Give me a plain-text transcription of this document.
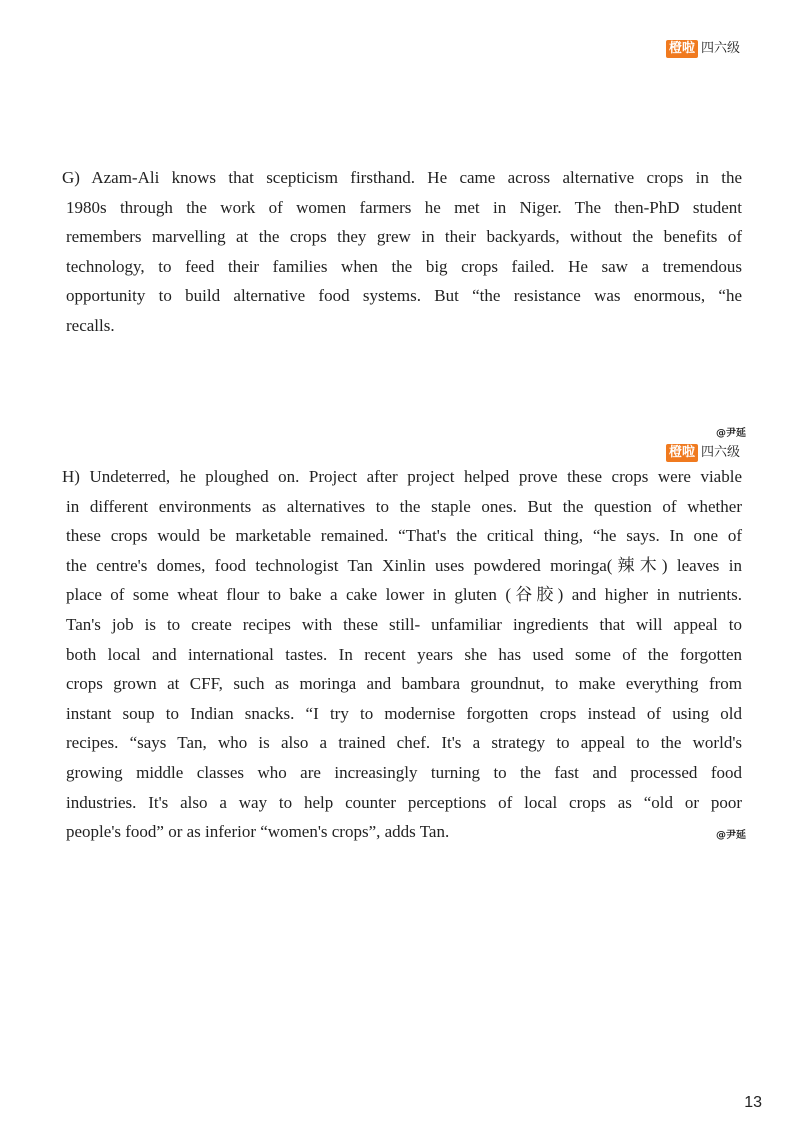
橙啦 四六级
G) Azam-Ali knows that scepticism firsthand. He came across alternative crops in the
1980s through the work of women farmers he met in Niger. The then-PhD student
remembers marvelling at the crops they grew in their backyards, without the benefits of
technology, to feed their families when the big crops failed. He saw a tremendous
opportunity to build alternative food systems. But “the resistance was enormous, “he
recalls.
@尹延
橙啦 四六级
H) Undeterred, he ploughed on. Project after project helped prove these crops were viable
in different environments as alternatives to the staple ones. But the question of whether
these crops would be marketable remained. “That's the critical thing, “he says. In one of
the centre's domes, food technologist Tan Xinlin uses powdered moringa(辣木) leaves in
place of some wheat flour to bake a cake lower in gluten (谷胶) and higher in nutrients.
Tan's job is to create recipes with these still- unfamiliar ingredients that will appeal to
both local and international tastes. In recent years she has used some of the forgotten
crops grown at CFF, such as moringa and bambara groundnut, to make everything from
instant soup to Indian snacks. “I try to modernise forgotten crops instead of using old
recipes. “says Tan, who is also a trained chef. It's a strategy to appeal to the world's
growing middle classes who are increasingly turning to the fast and processed food
industries. It's also a way to help counter perceptions of local crops as “old or poor
people's food” or as inferior “women's crops”, adds Tan.	@尹延
13
